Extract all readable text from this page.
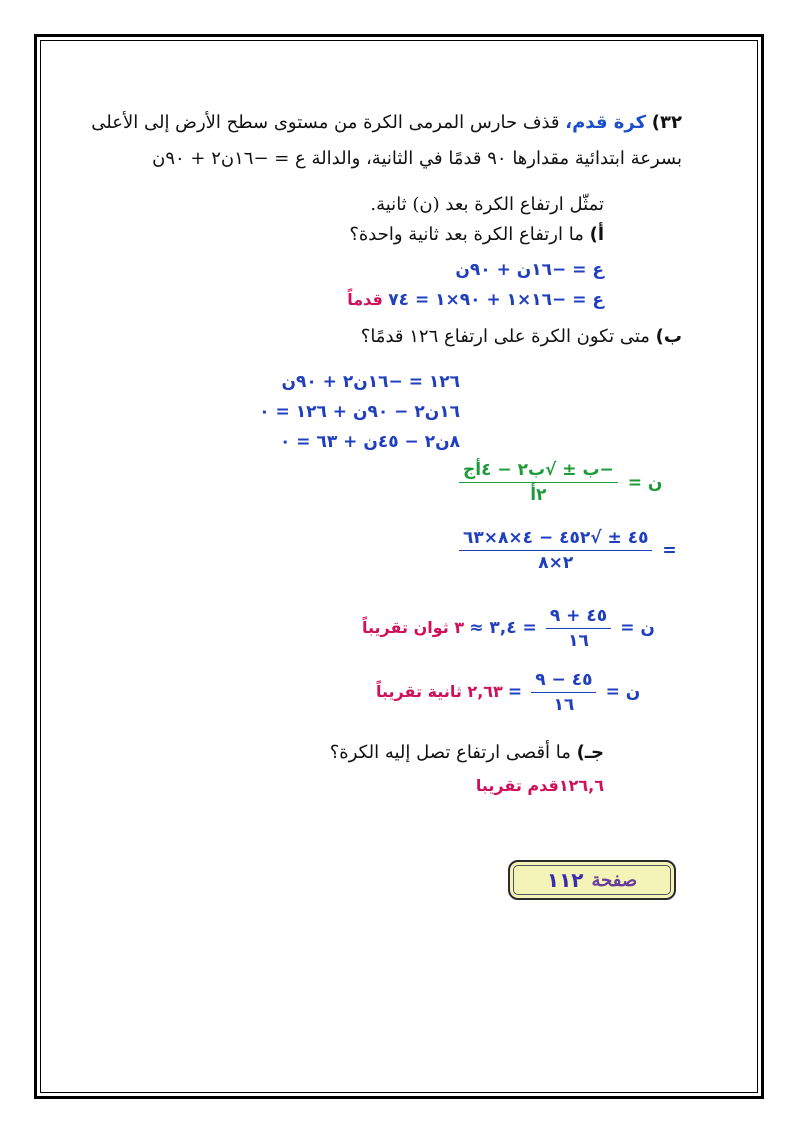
٣٢) كرة قدم، قذف حارس المرمى الكرة من مستوى سطح الأرض إلى الأعلى
بسرعة ابتدائية مقدارها ٩٠ قدمًا في الثانية، والدالة ع = −١٦ن٢ + ٩٠ن
تمثّل ارتفاع الكرة بعد (ن) ثانية.
أ) ما ارتفاع الكرة بعد ثانية واحدة؟
ع = −١٦ن + ٩٠ن
ع = −١٦×١ + ٩٠×١ = ٧٤ قدماً
ب) متى تكون الكرة على ارتفاع ١٢٦ قدمًا؟
١٢٦ = −١٦ن٢ + ٩٠ن
١٦ن٢ − ٩٠ن + ١٢٦ = ٠
٨ن٢ − ٤٥ن + ٦٣ = ٠
$\frac{\text{−ب ± √ب٢ − ٤أج}}{\text{٢أ}}$ ن =
$\frac{٤٥ \pm √٤٥٢ - ٤\times ٨\times ٦٣}{٢\times ٨}$ =
٣ ثوان تقريباً = ٣,٤ ≈ $\frac{٤٥ + ٩}{١٦}$ ن =
٢,٦٣ ثانية تقريباً = $\frac{٤٥ - ٩}{١٦}$ ن =
جـ) ما أقصى ارتفاع تصل إليه الكرة؟
١٢٦,٦قدم تقريبا
صفحة
١١٢
